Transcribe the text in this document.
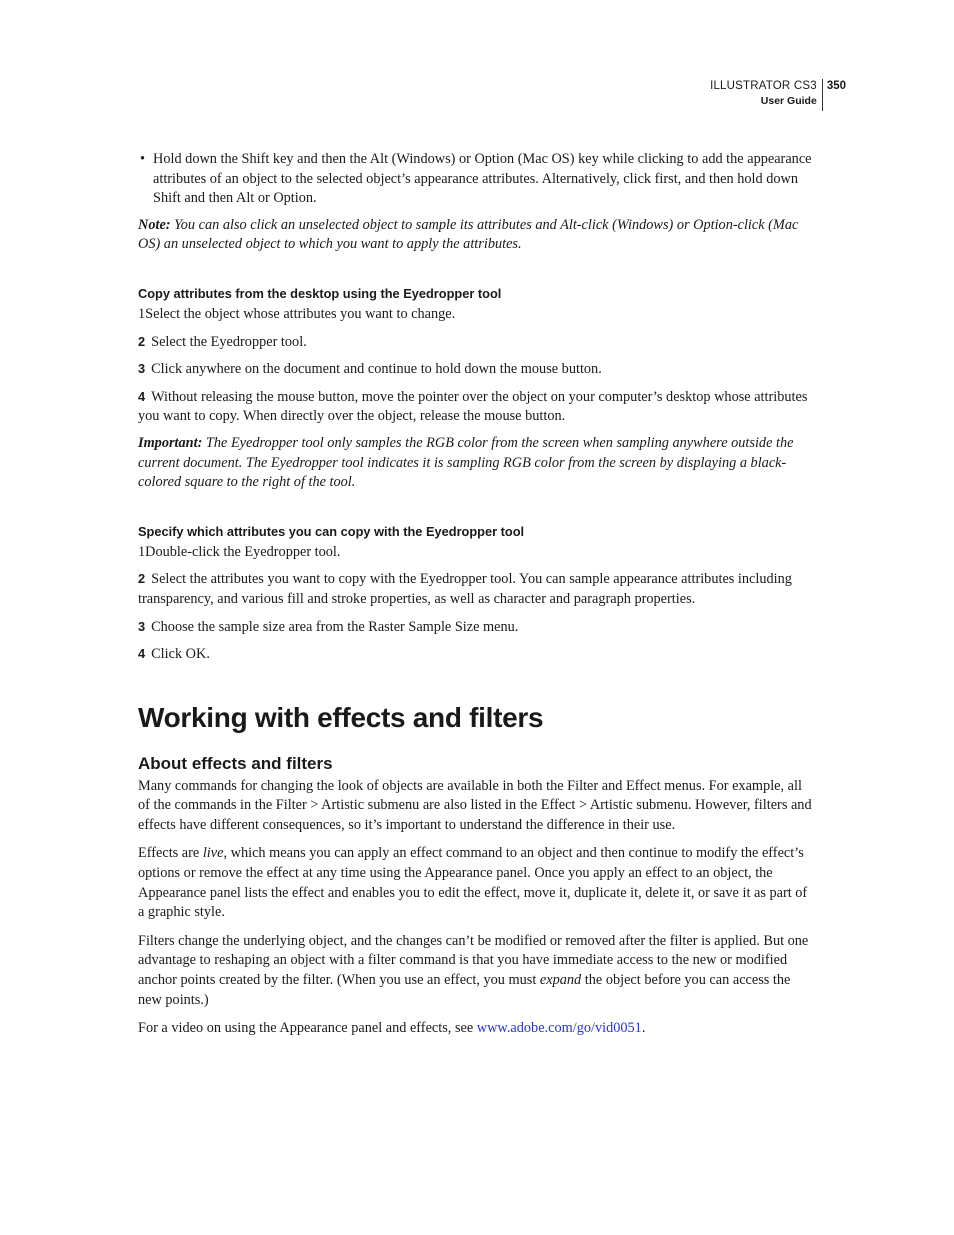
ILLUSTRATOR CS3
User Guide
350

• Hold down the Shift key and then the Alt (Windows) or Option (Mac OS) key while clicking to add the appearance attributes of an object to the selected object’s appearance attributes. Alternatively, click first, and then hold down Shift and then Alt or Option.

Note: You can also click an unselected object to sample its attributes and Alt-click (Windows) or Option-click (Mac OS) an unselected object to which you want to apply the attributes.

Copy attributes from the desktop using the Eyedropper tool

1Select the object whose attributes you want to change.

2 Select the Eyedropper tool.

3 Click anywhere on the document and continue to hold down the mouse button.

4 Without releasing the mouse button, move the pointer over the object on your computer’s desktop whose attributes you want to copy. When directly over the object, release the mouse button.

Important: The Eyedropper tool only samples the RGB color from the screen when sampling anywhere outside the current document. The Eyedropper tool indicates it is sampling RGB color from the screen by displaying a black-colored square to the right of the tool.

Specify which attributes you can copy with the Eyedropper tool

1Double-click the Eyedropper tool.

2 Select the attributes you want to copy with the Eyedropper tool. You can sample appearance attributes including transparency, and various fill and stroke properties, as well as character and paragraph properties.

3 Choose the sample size area from the Raster Sample Size menu.

4 Click OK.

Working with effects and filters
About effects and filters

Many commands for changing the look of objects are available in both the Filter and Effect menus. For example, all of the commands in the Filter > Artistic submenu are also listed in the Effect > Artistic submenu. However, filters and effects have different consequences, so it’s important to understand the difference in their use.

Effects are live, which means you can apply an effect command to an object and then continue to modify the effect’s options or remove the effect at any time using the Appearance panel. Once you apply an effect to an object, the Appearance panel lists the effect and enables you to edit the effect, move it, duplicate it, delete it, or save it as part of a graphic style.

Filters change the underlying object, and the changes can’t be modified or removed after the filter is applied. But one advantage to reshaping an object with a filter command is that you have immediate access to the new or modified anchor points created by the filter. (When you use an effect, you must expand the object before you can access the new points.)

For a video on using the Appearance panel and effects, see www.adobe.com/go/vid0051.
